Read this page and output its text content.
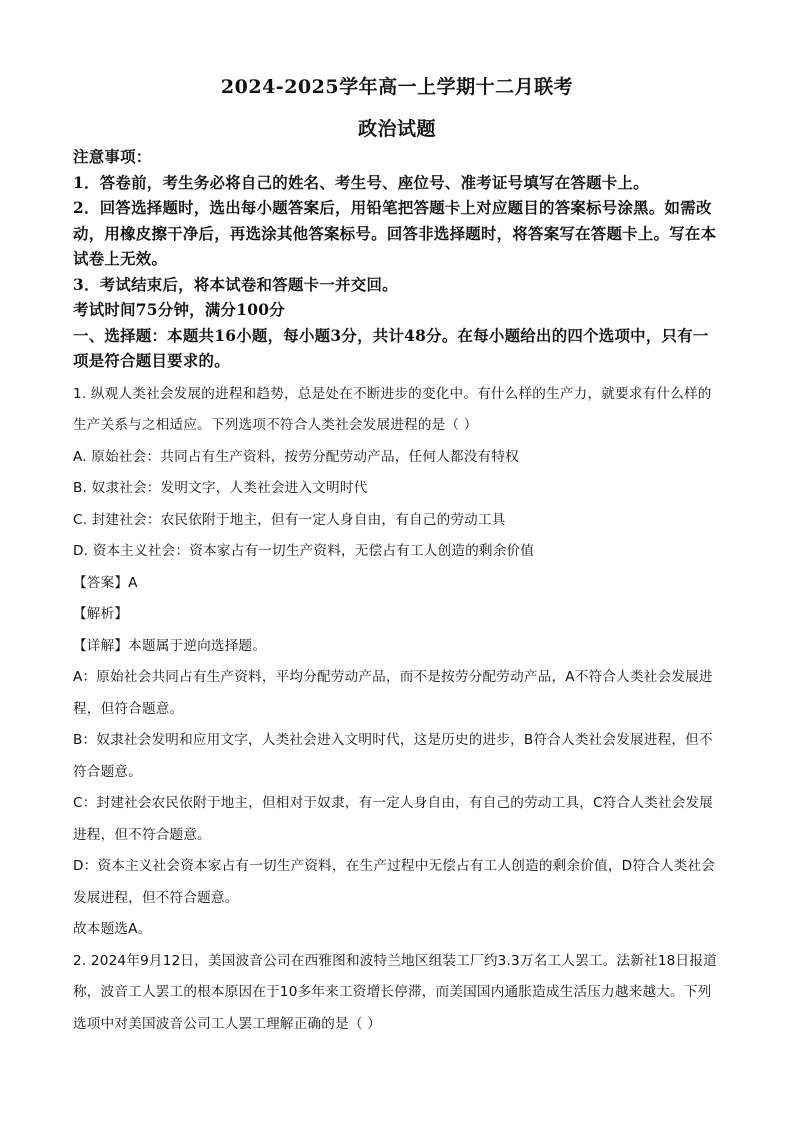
2024-2025学年高一上学期十二月联考
政治试题
注意事项：
1．答卷前，考生务必将自己的姓名、考生号、座位号、准考证号填写在答题卡上。
2．回答选择题时，选出每小题答案后，用铅笔把答题卡上对应题目的答案标号涂黑。如需改动，用橡皮擦干净后，再选涂其他答案标号。回答非选择题时，将答案写在答题卡上。写在本试卷上无效。
3．考试结束后，将本试卷和答题卡一并交回。
考试时间75分钟，满分100分
一、选择题：本题共16小题，每小题3分，共计48分。在每小题给出的四个选项中，只有一项是符合题目要求的。
1. 纵观人类社会发展的进程和趋势，总是处在不断进步的变化中。有什么样的生产力，就要求有什么样的生产关系与之相适应。下列选项不符合人类社会发展进程的是（ ）
A. 原始社会：共同占有生产资料，按劳分配劳动产品，任何人都没有特权
B. 奴隶社会：发明文字，人类社会进入文明时代
C. 封建社会：农民依附于地主，但有一定人身自由，有自己的劳动工具
D. 资本主义社会：资本家占有一切生产资料，无偿占有工人创造的剩余价值
【答案】A
【解析】
【详解】本题属于逆向选择题。
A：原始社会共同占有生产资料，平均分配劳动产品，而不是按劳分配劳动产品，A不符合人类社会发展进程，但符合题意。
B：奴隶社会发明和应用文字，人类社会进入文明时代，这是历史的进步，B符合人类社会发展进程，但不符合题意。
C：封建社会农民依附于地主，但相对于奴隶，有一定人身自由，有自己的劳动工具，C符合人类社会发展进程，但不符合题意。
D：资本主义社会资本家占有一切生产资料，在生产过程中无偿占有工人创造的剩余价值，D符合人类社会发展进程，但不符合题意。
故本题选A。
2. 2024年9月12日，美国波音公司在西雅图和波特兰地区组装工厂约3.3万名工人罢工。法新社18日报道称，波音工人罢工的根本原因在于10多年来工资增长停滞，而美国国内通胀造成生活压力越来越大。下列选项中对美国波音公司工人罢工理解正确的是（ ）
